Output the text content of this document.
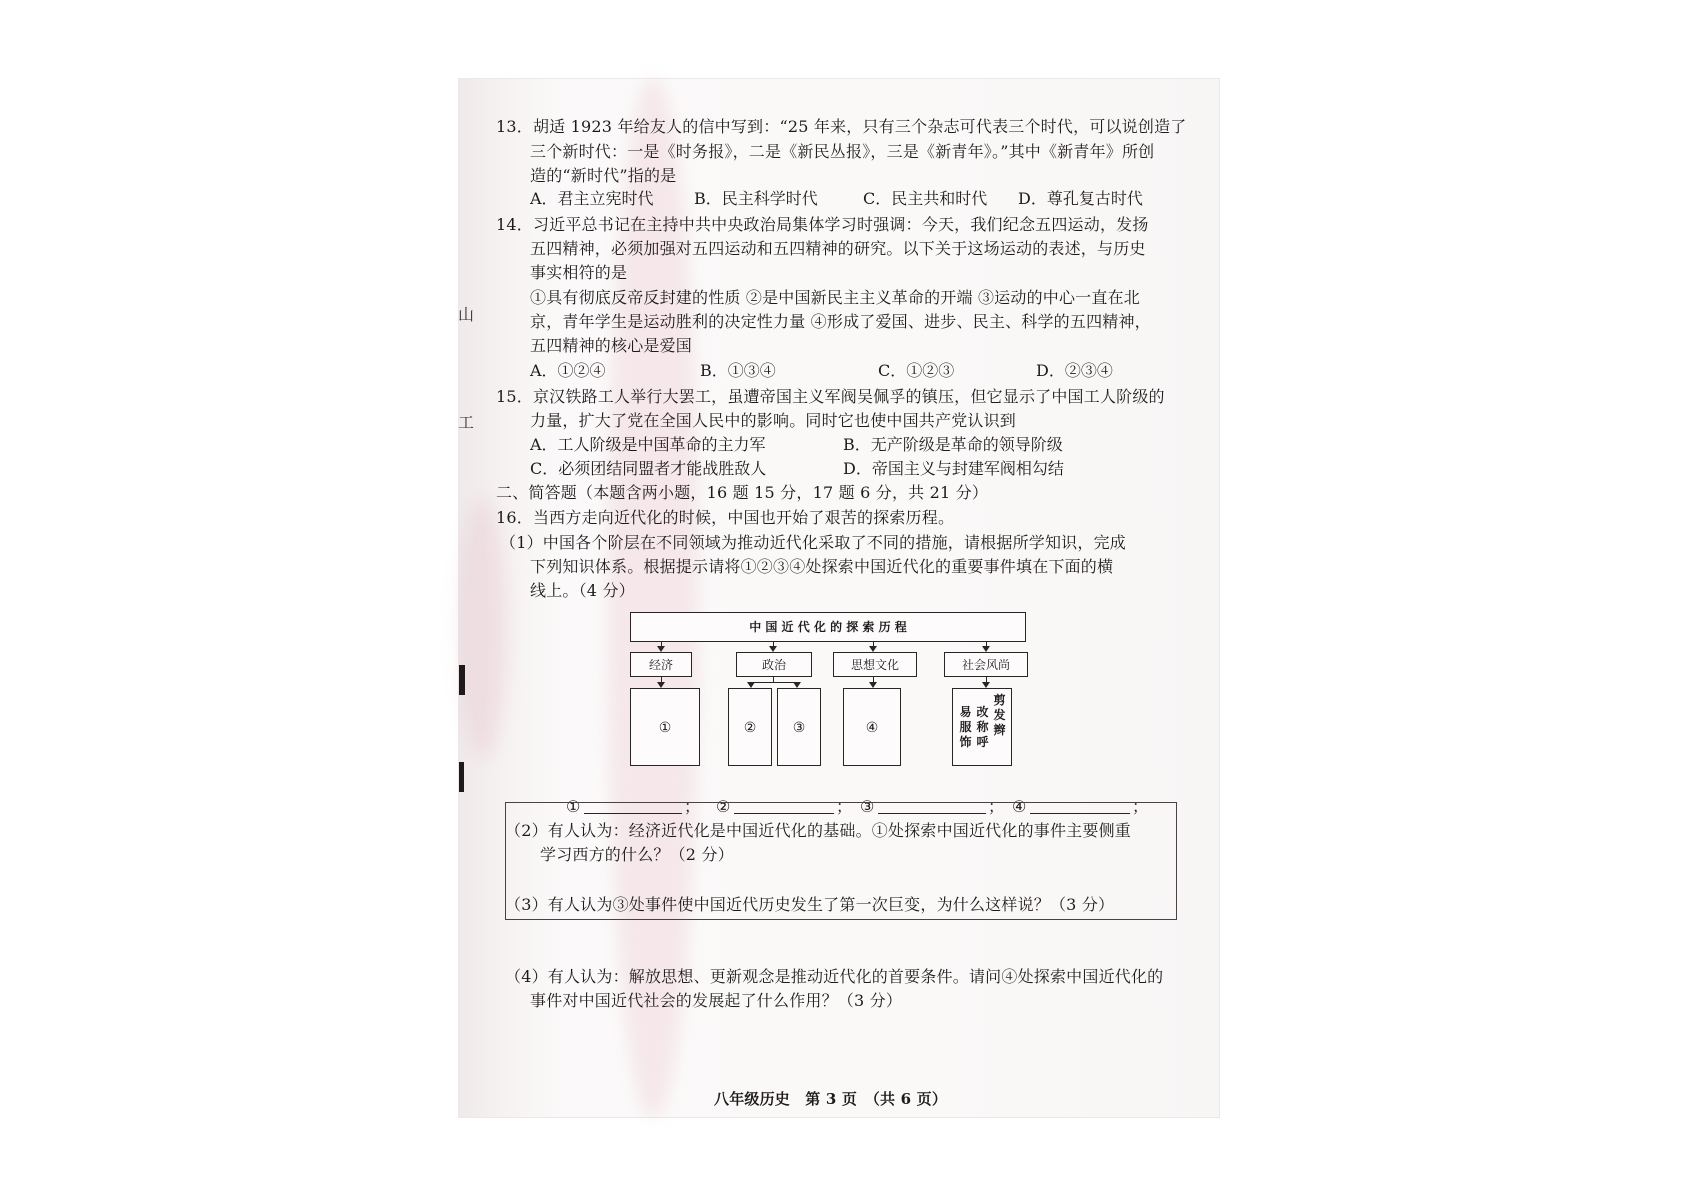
山
工
13．胡适 1923 年给友人的信中写到：“25 年来，只有三个杂志可代表三个时代，可以说创造了
三个新时代：一是《时务报》，二是《新民丛报》，三是《新青年》。”其中《新青年》所创
造的“新时代”指的是
A．君主立宪时代	B．民主科学时代	C．民主共和时代 D．尊孔复古时代
14．习近平总书记在主持中共中央政治局集体学习时强调：今天，我们纪念五四运动，发扬
五四精神，必须加强对五四运动和五四精神的研究。以下关于这场运动的表述，与历史
事实相符的是
①具有彻底反帝反封建的性质 ②是中国新民主主义革命的开端 ③运动的中心一直在北
京，青年学生是运动胜利的决定性力量 ④形成了爱国、进步、民主、科学的五四精神，
五四精神的核心是爱国
A．①②④	B．①③④	C．①②③	D．②③④
15．京汉铁路工人举行大罢工，虽遭帝国主义军阀吴佩孚的镇压，但它显示了中国工人阶级的
力量，扩大了党在全国人民中的影响。同时它也使中国共产党认识到
A．工人阶级是中国革命的主力军	B．无产阶级是革命的领导阶级
C．必须团结同盟者才能战胜敌人	D．帝国主义与封建军阀相勾结
二、简答题（本题含两小题，16 题 15 分，17 题 6 分，共 21 分）
16．当西方走向近代化的时候，中国也开始了艰苦的探索历程。
（1）中国各个阶层在不同领域为推动近代化采取了不同的措施，请根据所学知识，完成
下列知识体系。根据提示请将①②③④处探索中国近代化的重要事件填在下面的横
线上。（4 分）
中 国 近 代 化 的 探 索 历 程
经济	政治	思想文化	社会风尚
①	②	③	④
易服饰
改称呼
剪发辫
①	； ②	； ③	； ④	；
（2）有人认为：经济近代化是中国近代化的基础。①处探索中国近代化的事件主要侧重
学习西方的什么？（2 分）
（3）有人认为③处事件使中国近代历史发生了第一次巨变，为什么这样说？（3 分）
（4）有人认为：解放思想、更新观念是推动近代化的首要条件。请问④处探索中国近代化的
事件对中国近代社会的发展起了什么作用？（3 分）
八年级历史　第 3 页　（共 6 页）
